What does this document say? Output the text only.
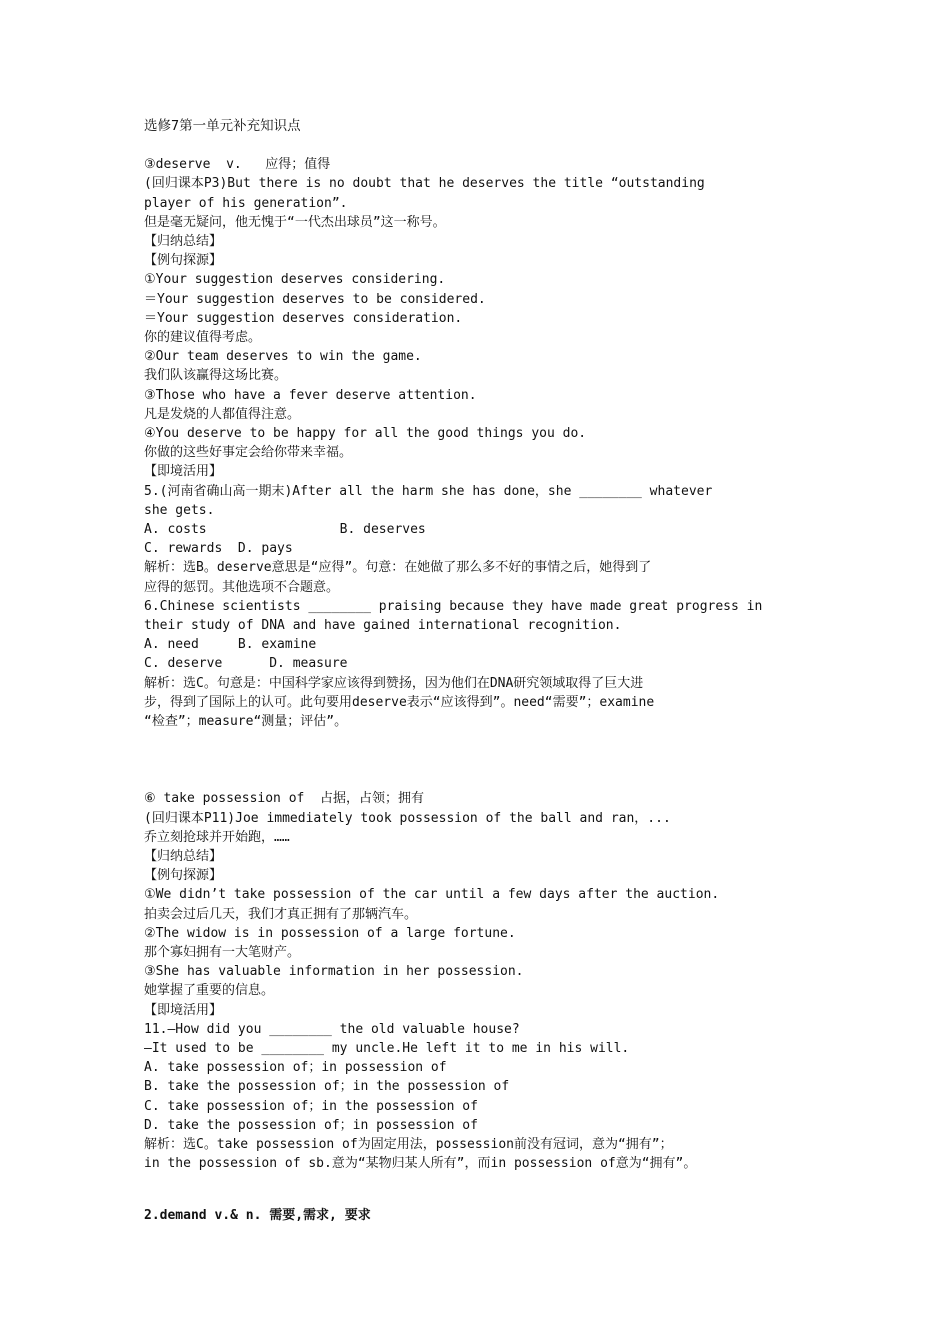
选修7第一单元补充知识点
③deserve  v.   应得；值得
(回归课本P3)But there is no doubt that he deserves the title “outstanding
player of his generation”.
但是毫无疑问，他无愧于“一代杰出球员”这一称号。
【归纳总结】
【例句探源】
①Your suggestion deserves considering.
＝Your suggestion deserves to be considered.
＝Your suggestion deserves consideration.
你的建议值得考虑。
②Our team deserves to win the game.
我们队该赢得这场比赛。
③Those who have a fever deserve attention.
凡是发烧的人都值得注意。
④You deserve to be happy for all the good things you do.
你做的这些好事定会给你带来幸福。
【即境活用】
5.(河南省确山高一期末)After all the harm she has done，she ________ whatever
she gets.
A. costs                 B. deserves
C. rewards  D. pays
解析：选B。deserve意思是“应得”。句意：在她做了那么多不好的事情之后，她得到了
应得的惩罚。其他选项不合题意。
6.Chinese scientists ________ praising because they have made great progress in
their study of DNA and have gained international recognition.
A. need     B. examine
C. deserve      D. measure
解析：选C。句意是：中国科学家应该得到赞扬，因为他们在DNA研究领域取得了巨大进
步，得到了国际上的认可。此句要用deserve表示“应该得到”。need“需要”；examine
“检查”；measure“测量；评估”。
⑥ take possession of  占据，占领；拥有
(回归课本P11)Joe immediately took possession of the ball and ran，...
乔立刻抢球并开始跑，……
【归纳总结】
【例句探源】
①We didn’t take possession of the car until a few days after the auction.
拍卖会过后几天，我们才真正拥有了那辆汽车。
②The widow is in possession of a large fortune.
那个寡妇拥有一大笔财产。
③She has valuable information in her possession.
她掌握了重要的信息。
【即境活用】
11.—How did you ________ the old valuable house?
—It used to be ________ my uncle.He left it to me in his will.
A. take possession of；in possession of
B. take the possession of；in the possession of
C. take possession of；in the possession of
D. take the possession of；in possession of
解析：选C。take possession of为固定用法，possession前没有冠词，意为“拥有”；
in the possession of sb.意为“某物归某人所有”，而in possession of意为“拥有”。
2.demand v.& n. 需要,需求, 要求
